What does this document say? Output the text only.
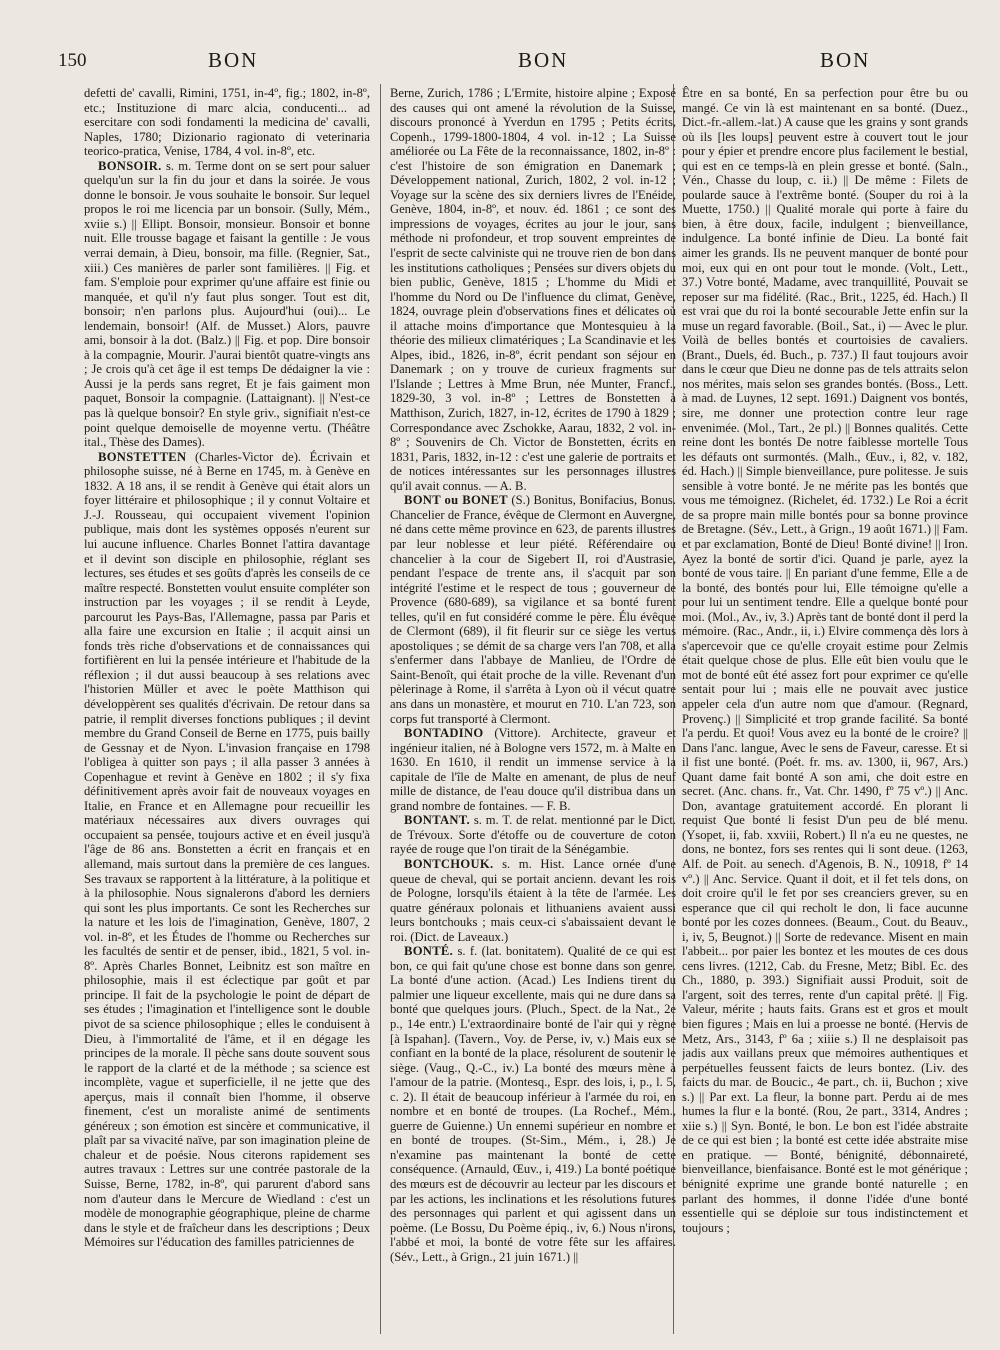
150	BON	BON	BON

defetti de' cavalli, Rimini, 1751, in-4º, fig.; 1802, in-8º, etc.; Instituzione di marc alcia, conducenti... ad esercitare con sodi fondamenti la medicina de' cavalli, Naples, 1780; Dizionario ragionato di veterinaria teorico-pratica, Venise, 1784, 4 vol. in-8º, etc.

BONSOIR. s. m. Terme dont on se sert pour saluer quelqu'un sur la fin du jour et dans la soirée. Je vous donne le bonsoir. Je vous souhaite le bonsoir. Sur lequel propos le roi me licencia par un bonsoir. (Sully, Mém., xviie s.) || Ellipt. Bonsoir, monsieur. Bonsoir et bonne nuit. Elle trousse bagage et faisant la gentille : Je vous verrai demain, à Dieu, bonsoir, ma fille. (Regnier, Sat., xiii.) Ces manières de parler sont familières. || Fig. et fam. S'emploie pour exprimer qu'une affaire est finie ou manquée, et qu'il n'y faut plus songer. Tout est dit, bonsoir; n'en parlons plus. Aujourd'hui (oui)... Le lendemain, bonsoir! (Alf. de Musset.) Alors, pauvre ami, bonsoir à la dot. (Balz.) || Fig. et pop. Dire bonsoir à la compagnie, Mourir. J'aurai bientôt quatre-vingts ans ; Je crois qu'à cet âge il est temps De dédaigner la vie : Aussi je la perds sans regret, Et je fais gaiment mon paquet, Bonsoir la compagnie. (Lattaignant). || N'est-ce pas là quelque bonsoir? En style griv., signifiait n'est-ce point quelque demoiselle de moyenne vertu. (Théâtre ital., Thèse des Dames).

BONSTETTEN (Charles-Victor de). Écrivain et philosophe suisse, né à Berne en 1745, m. à Genève en 1832. A 18 ans, il se rendit à Genève qui était alors un foyer littéraire et philosophique ; il y connut Voltaire et J.-J. Rousseau, qui occupaient vivement l'opinion publique, mais dont les systèmes opposés n'eurent sur lui aucune influence. Charles Bonnet l'attira davantage et il devint son disciple en philosophie, réglant ses lectures, ses études et ses goûts d'après les conseils de ce maître respecté. Bonstetten voulut ensuite compléter son instruction par les voyages ; il se rendit à Leyde, parcourut les Pays-Bas, l'Allemagne, passa par Paris et alla faire une excursion en Italie ; il acquit ainsi un fonds très riche d'observations et de connaissances qui fortifièrent en lui la pensée intérieure et l'habitude de la réflexion ; il dut aussi beaucoup à ses relations avec l'historien Müller et avec le poète Matthison qui développèrent ses qualités d'écrivain. De retour dans sa patrie, il remplit diverses fonctions publiques ; il devint membre du Grand Conseil de Berne en 1775, puis bailly de Gessnay et de Nyon. L'invasion française en 1798 l'obligea à quitter son pays ; il alla passer 3 années à Copenhague et revint à Genève en 1802 ; il s'y fixa définitivement après avoir fait de nouveaux voyages en Italie, en France et en Allemagne pour recueillir les matériaux nécessaires aux divers ouvrages qui occupaient sa pensée, toujours active et en éveil jusqu'à l'âge de 86 ans. Bonstetten a écrit en français et en allemand, mais surtout dans la première de ces langues. Ses travaux se rapportent à la littérature, à la politique et à la philosophie. Nous signalerons d'abord les derniers qui sont les plus importants. Ce sont les Recherches sur la nature et les lois de l'imagination, Genève, 1807, 2 vol. in-8º, et les Études de l'homme ou Recherches sur les facultés de sentir et de penser, ibid., 1821, 5 vol. in-8º. Après Charles Bonnet, Leibnitz est son maître en philosophie, mais il est éclectique par goût et par principe. Il fait de la psychologie le point de départ de ses études ; l'imagination et l'intelligence sont le double pivot de sa science philosophique ; elles le conduisent à Dieu, à l'immortalité de l'âme, et il en dégage les principes de la morale. Il pèche sans doute souvent sous le rapport de la clarté et de la méthode ; sa science est incomplète, vague et superficielle, il ne jette que des aperçus, mais il connaît bien l'homme, il observe finement, c'est un moraliste animé de sentiments généreux ; son émotion est sincère et communicative, il plaît par sa vivacité naïve, par son imagination pleine de chaleur et de poésie. Nous citerons rapidement ses autres travaux : Lettres sur une contrée pastorale de la Suisse, Berne, 1782, in-8º, qui parurent d'abord sans nom d'auteur dans le Mercure de Wiedland : c'est un modèle de monographie géographique, pleine de charme dans le style et de fraîcheur dans les descriptions ; Deux Mémoires sur l'éducation des familles patriciennes de

Berne, Zurich, 1786 ; L'Ermite, histoire alpine ; Exposé des causes qui ont amené la révolution de la Suisse, discours prononcé à Yverdun en 1795 ; Petits écrits, Copenh., 1799-1800-1804, 4 vol. in-12 ; La Suisse améliorée ou La Fête de la reconnaissance, 1802, in-8º : c'est l'histoire de son émigration en Danemark ; Développement national, Zurich, 1802, 2 vol. in-12 ; Voyage sur la scène des six derniers livres de l'Enéide, Genève, 1804, in-8º, et nouv. éd. 1861 ; ce sont des impressions de voyages, écrites au jour le jour, sans méthode ni profondeur, et trop souvent empreintes de l'esprit de secte calviniste qui ne trouve rien de bon dans les institutions catholiques ; Pensées sur divers objets du bien public, Genève, 1815 ; L'homme du Midi et l'homme du Nord ou De l'influence du climat, Genève, 1824, ouvrage plein d'observations fines et délicates où il attache moins d'importance que Montesquieu à la théorie des milieux climatériques ; La Scandinavie et les Alpes, ibid., 1826, in-8º, écrit pendant son séjour en Danemark ; on y trouve de curieux fragments sur l'Islande ; Lettres à Mme Brun, née Munter, Francf., 1829-30, 3 vol. in-8º ; Lettres de Bonstetten à Matthison, Zurich, 1827, in-12, écrites de 1790 à 1829 ; Correspondance avec Zschokke, Aarau, 1832, 2 vol. in-8º ; Souvenirs de Ch. Victor de Bonstetten, écrits en 1831, Paris, 1832, in-12 : c'est une galerie de portraits et de notices intéressantes sur les personnages illustres qu'il avait connus. — A. B.

BONT ou BONET (S.) Bonitus, Bonifacius, Bonus. Chancelier de France, évêque de Clermont en Auvergne, né dans cette même province en 623, de parents illustres par leur noblesse et leur piété. Référendaire ou chancelier à la cour de Sigebert II, roi d'Austrasie, pendant l'espace de trente ans, il s'acquit par son intégrité l'estime et le respect de tous ; gouverneur de Provence (680-689), sa vigilance et sa bonté furent telles, qu'il en fut considéré comme le père. Élu évêque de Clermont (689), il fit fleurir sur ce siège les vertus apostoliques ; se démit de sa charge vers l'an 708, et alla s'enfermer dans l'abbaye de Manlieu, de l'Ordre de Saint-Benoît, qui était proche de la ville. Revenant d'un pèlerinage à Rome, il s'arrêta à Lyon où il vécut quatre ans dans un monastère, et mourut en 710. L'an 723, son corps fut transporté à Clermont.

BONTADINO (Vittore). Architecte, graveur et ingénieur italien, né à Bologne vers 1572, m. à Malte en 1630. En 1610, il rendit un immense service à la capitale de l'île de Malte en amenant, de plus de neuf mille de distance, de l'eau douce qu'il distribua dans un grand nombre de fontaines. — F. B.

BONTANT. s. m. T. de relat. mentionné par le Dict. de Trévoux. Sorte d'étoffe ou de couverture de coton rayée de rouge que l'on tirait de la Sénégambie.

BONTCHOUK. s. m. Hist. Lance ornée d'une queue de cheval, qui se portait ancienn. devant les rois de Pologne, lorsqu'ils étaient à la tête de l'armée. Les quatre généraux polonais et lithuaniens avaient aussi leurs bontchouks ; mais ceux-ci s'abaissaient devant le roi. (Dict. de Laveaux.)

BONTÉ. s. f. (lat. bonitatem). Qualité de ce qui est bon, ce qui fait qu'une chose est bonne dans son genre. La bonté d'une action. (Acad.) Les Indiens tirent du palmier une liqueur excellente, mais qui ne dure dans sa bonté que quelques jours. (Pluch., Spect. de la Nat., 2e p., 14e entr.) L'extraordinaire bonté de l'air qui y règne [à Ispahan]. (Tavern., Voy. de Perse, iv, v.) Mais eux se confiant en la bonté de la place, résolurent de soutenir le siège. (Vaug., Q.-C., iv.) La bonté des mœurs mène à l'amour de la patrie. (Montesq., Espr. des lois, i, p., l. 5, c. 2). Il était de beaucoup inférieur à l'armée du roi, en nombre et en bonté de troupes. (La Rochef., Mém., guerre de Guienne.) Un ennemi supérieur en nombre et en bonté de troupes. (St-Sim., Mém., i, 28.) Je n'examine pas maintenant la bonté de cette conséquence. (Arnauld, Œuv., i, 419.) La bonté poétique des mœurs est de découvrir au lecteur par les discours et par les actions, les inclinations et les résolutions futures des personnages qui parlent et qui agissent dans un poème. (Le Bossu, Du Poème épiq., iv, 6.) Nous n'irons, l'abbé et moi, la bonté de votre fête sur les affaires. (Sév., Lett., à Grign., 21 juin 1671.) ||

Être en sa bonté, En sa perfection pour être bu ou mangé. Ce vin là est maintenant en sa bonté. (Duez., Dict.-fr.-allem.-lat.) A cause que les grains y sont grands où ils [les loups] peuvent estre à couvert tout le jour pour y épier et prendre encore plus facilement le bestial, qui est en ce temps-là en plein gresse et bonté. (Saln., Vén., Chasse du loup, c. ii.) || De même : Filets de poularde sauce à l'extrême bonté. (Souper du roi à la Muette, 1750.) || Qualité morale qui porte à faire du bien, à être doux, facile, indulgent ; bienveillance, indulgence. La bonté infinie de Dieu. La bonté fait aimer les grands. Ils ne peuvent manquer de bonté pour moi, eux qui en ont pour tout le monde. (Volt., Lett., 37.) Votre bonté, Madame, avec tranquillité, Pouvait se reposer sur ma fidélité. (Rac., Brit., 1225, éd. Hach.) Il est vrai que du roi la bonté secourable Jette enfin sur la muse un regard favorable. (Boil., Sat., i) — Avec le plur. Voilà de belles bontés et courtoisies de cavaliers. (Brant., Duels, éd. Buch., p. 737.) Il faut toujours avoir dans le cœur que Dieu ne donne pas de tels attraits selon nos mérites, mais selon ses grandes bontés. (Boss., Lett. à mad. de Luynes, 12 sept. 1691.) Daignent vos bontés, sire, me donner une protection contre leur rage envenimée. (Mol., Tart., 2e pl.) || Bonnes qualités. Cette reine dont les bontés De notre faiblesse mortelle Tous les défauts ont surmontés. (Malh., Œuv., i, 82, v. 182, éd. Hach.) || Simple bienveillance, pure politesse. Je suis sensible à votre bonté. Je ne mérite pas les bontés que vous me témoignez. (Richelet, éd. 1732.) Le Roi a écrit de sa propre main mille bontés pour sa bonne province de Bretagne. (Sév., Lett., à Grign., 19 août 1671.) || Fam. et par exclamation, Bonté de Dieu! Bonté divine! || Iron. Ayez la bonté de sortir d'ici. Quand je parle, ayez la bonté de vous taire. || En pariant d'une femme, Elle a de la bonté, des bontés pour lui, Elle témoigne qu'elle a pour lui un sentiment tendre. Elle a quelque bonté pour moi. (Mol., Av., iv, 3.) Après tant de bonté dont il perd la mémoire. (Rac., Andr., ii, i.) Elvire commença dès lors à s'apercevoir que ce qu'elle croyait estime pour Zelmis était quelque chose de plus. Elle eût bien voulu que le mot de bonté eût été assez fort pour exprimer ce qu'elle sentait pour lui ; mais elle ne pouvait avec justice appeler cela d'un autre nom que d'amour. (Regnard, Provenç.) || Simplicité et trop grande facilité. Sa bonté l'a perdu. Et quoi! Vous avez eu la bonté de le croire? || Dans l'anc. langue, Avec le sens de Faveur, caresse. Et si il fist une bonté. (Poét. fr. ms. av. 1300, ii, 967, Ars.) Quant dame fait bonté A son ami, che doit estre en secret. (Anc. chans. fr., Vat. Chr. 1490, fº 75 vº.) || Anc. Don, avantage gratuitement accordé. En plorant li requist Que bonté li fesist D'un peu de blé menu. (Ysopet, ii, fab. xxviii, Robert.) Il n'a eu ne questes, ne dons, ne bontez, fors ses rentes qui li sont deue. (1263, Alf. de Poit. au senech. d'Agenois, B. N., 10918, fº 14 vº.) || Anc. Service. Quant il doit, et il fet tels dons, on doit croire qu'il le fet por ses creanciers grever, su en esperance que cil qui recholt le don, li face aucunne bonté por les cozes donnees. (Beaum., Cout. du Beauv., i, iv, 5, Beugnot.) || Sorte de redevance. Misent en main l'abbeit... por paier les bontez et les moutes de ces dous cens livres. (1212, Cab. du Fresne, Metz; Bibl. Ec. des Ch., 1880, p. 393.) Signifiait aussi Produit, soit de l'argent, soit des terres, rente d'un capital prêté. || Fig. Valeur, mérite ; hauts faits. Grans est et gros et moult bien figures ; Mais en lui a proesse ne bonté. (Hervis de Metz, Ars., 3143, fº 6a ; xiiie s.) Il ne desplaisoit pas jadis aux vaillans preux que mémoires authentiques et perpétuelles feussent faicts de leurs bontez. (Liv. des faicts du mar. de Boucic., 4e part., ch. ii, Buchon ; xive s.) || Par ext. La fleur, la bonne part. Perdu ai de mes humes la flur e la bonté. (Rou, 2e part., 3314, Andres ; xiie s.) || Syn. Bonté, le bon. Le bon est l'idée abstraite de ce qui est bien ; la bonté est cette idée abstraite mise en pratique. — Bonté, bénignité, débonnaireté, bienveillance, bienfaisance. Bonté est le mot générique ; bénignité exprime une grande bonté naturelle ; en parlant des hommes, il donne l'idée d'une bonté essentielle qui se déploie sur tous indistinctement et toujours ;
